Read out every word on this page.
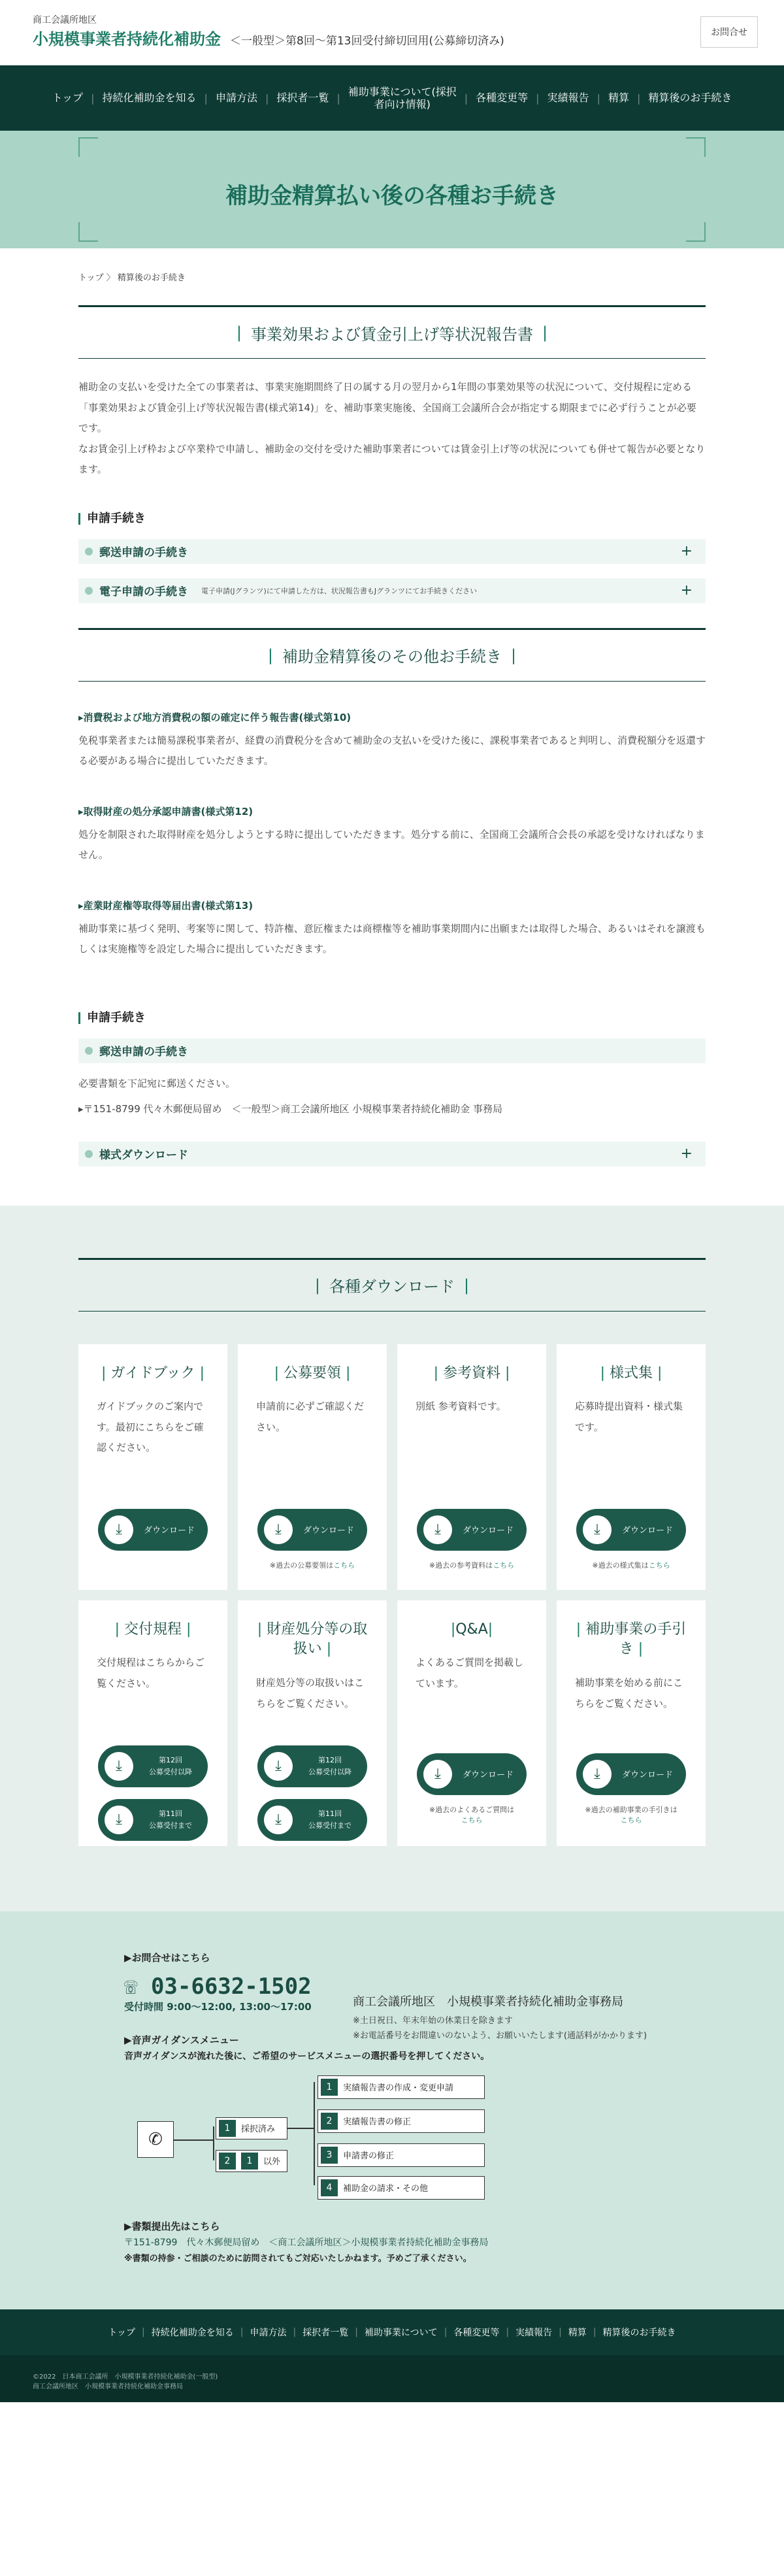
商工会議所地区
小規模事業者持続化補助金 ＜一般型＞第8回〜第13回受付締切回用(公募締切済み)
お問合せ
トップ | 持続化補助金を知る | 申請方法 | 採択者一覧 |
補助事業について(採択者向け情報)	| 各種変更等 | 実績報告 | 精算 | 精算後のお手続き
補助金精算払い後の各種お手続き
トップ 〉 精算後のお手続き
| 事業効果および賃金引上げ等状況報告書 |

補助金の支払いを受けた全ての事業者は、事業実施期間終了日の属する月の翌月から1年間の事業効果等の状況について、交付規程に定める「事業効果および賃金引上げ等状況報告書(様式第14)」を、補助事業実施後、全国商工会議所合会が指定する期限までに必ず行うことが必要です。

なお賃金引上げ枠および卒業枠で申請し、補助金の交付を受けた補助事業者については賃金引上げ等の状況についても併せて報告が必要となります。

申請手続き
郵送申請の手続き	+
電子申請の手続き 電子申請(Jグランツ)にて申請した方は、状況報告書もJグランツにてお手続きください	+
| 補助金精算後のその他お手続き |
▸消費税および地方消費税の額の確定に伴う報告書(様式第10)
免税事業者または簡易課税事業者が、経費の消費税分を含めて補助金の支払いを受けた後に、課税事業者であると判明し、消費税額分を返還する必要がある場合に提出していただきます。
▸取得財産の処分承認申請書(様式第12)
処分を制限された取得財産を処分しようとする時に提出していただきます。処分する前に、全国商工会議所合会長の承認を受けなければなりません。
▸産業財産権等取得等届出書(様式第13)
補助事業に基づく発明、考案等に関して、特許権、意匠権または商標権等を補助事業期間内に出願または取得した場合、あるいはそれを譲渡もしくは実施権等を設定した場合に提出していただきます。
申請手続き
郵送申請の手続き
必要書類を下記宛に郵送ください。
▸〒151-8799 代々木郵便局留め　＜一般型＞商工会議所地区 小規模事業者持続化補助金 事務局
様式ダウンロード	+
| 各種ダウンロード |
| ガイドブック |
ガイドブックのご案内です。最初にこちらをご確認ください。
⤓	ダウンロード
| 公募要領 |
申請前に必ずご確認ください。
⤓	ダウンロード
※過去の公募要領はこちら
| 参考資料 |
別紙 参考資料です。
⤓	ダウンロード
※過去の参考資料はこちら
| 様式集 |
応募時提出資料・様式集です。
⤓	ダウンロード
※過去の様式集はこちら
| 交付規程 |
交付規程はこちらからご覧ください。
⤓	第12回
公募受付以降
⤓	第11回
公募受付まで
| 財産処分等の取扱い |
財産処分等の取扱いはこちらをご覧ください。
⤓	第12回
公募受付以降
⤓	第11回
公募受付まで
|Q&A|
よくあるご質問を掲載しています。
⤓	ダウンロード
※過去のよくあるご質問は
こちら
| 補助事業の手引き |
補助事業を始める前にこちらをご覧ください。
⤓	ダウンロード
※過去の補助事業の手引きは
こちら
▶お問合せはこちら
☏ 03-6632-1502
受付時間 9:00〜12:00, 13:00〜17:00	商工会議所地区　小規模事業者持続化補助金事務局
※土日祝日、年末年始の休業日を除きます
※お電話番号をお間違いのないよう、お願いいたします(通話料がかかります)
▶音声ガイダンスメニュー
音声ガイダンスが流れた後に、ご希望のサービスメニューの選択番号を押してください。
✆
1	採択済み
2	1	以外
1	実績報告書の作成・変更申請
2	実績報告書の修正
3	申請書の修正
4	補助金の請求・その他
▶書類提出先はこちら
〒151-8799　代々木郵便局留め　＜商工会議所地区＞小規模事業者持続化補助金事務局
※書類の持参・ご相談のために訪問されてもご対応いたしかねます。予めご了承ください。
トップ | 持続化補助金を知る | 申請方法 | 採択者一覧 | 補助事業について | 各種変更等 | 実績報告 | 精算 | 精算後のお手続き
©2022　日本商工会議所　小規模事業者持続化補助金(一般型)
商工会議所地区　小規模事業者持続化補助金事務局
